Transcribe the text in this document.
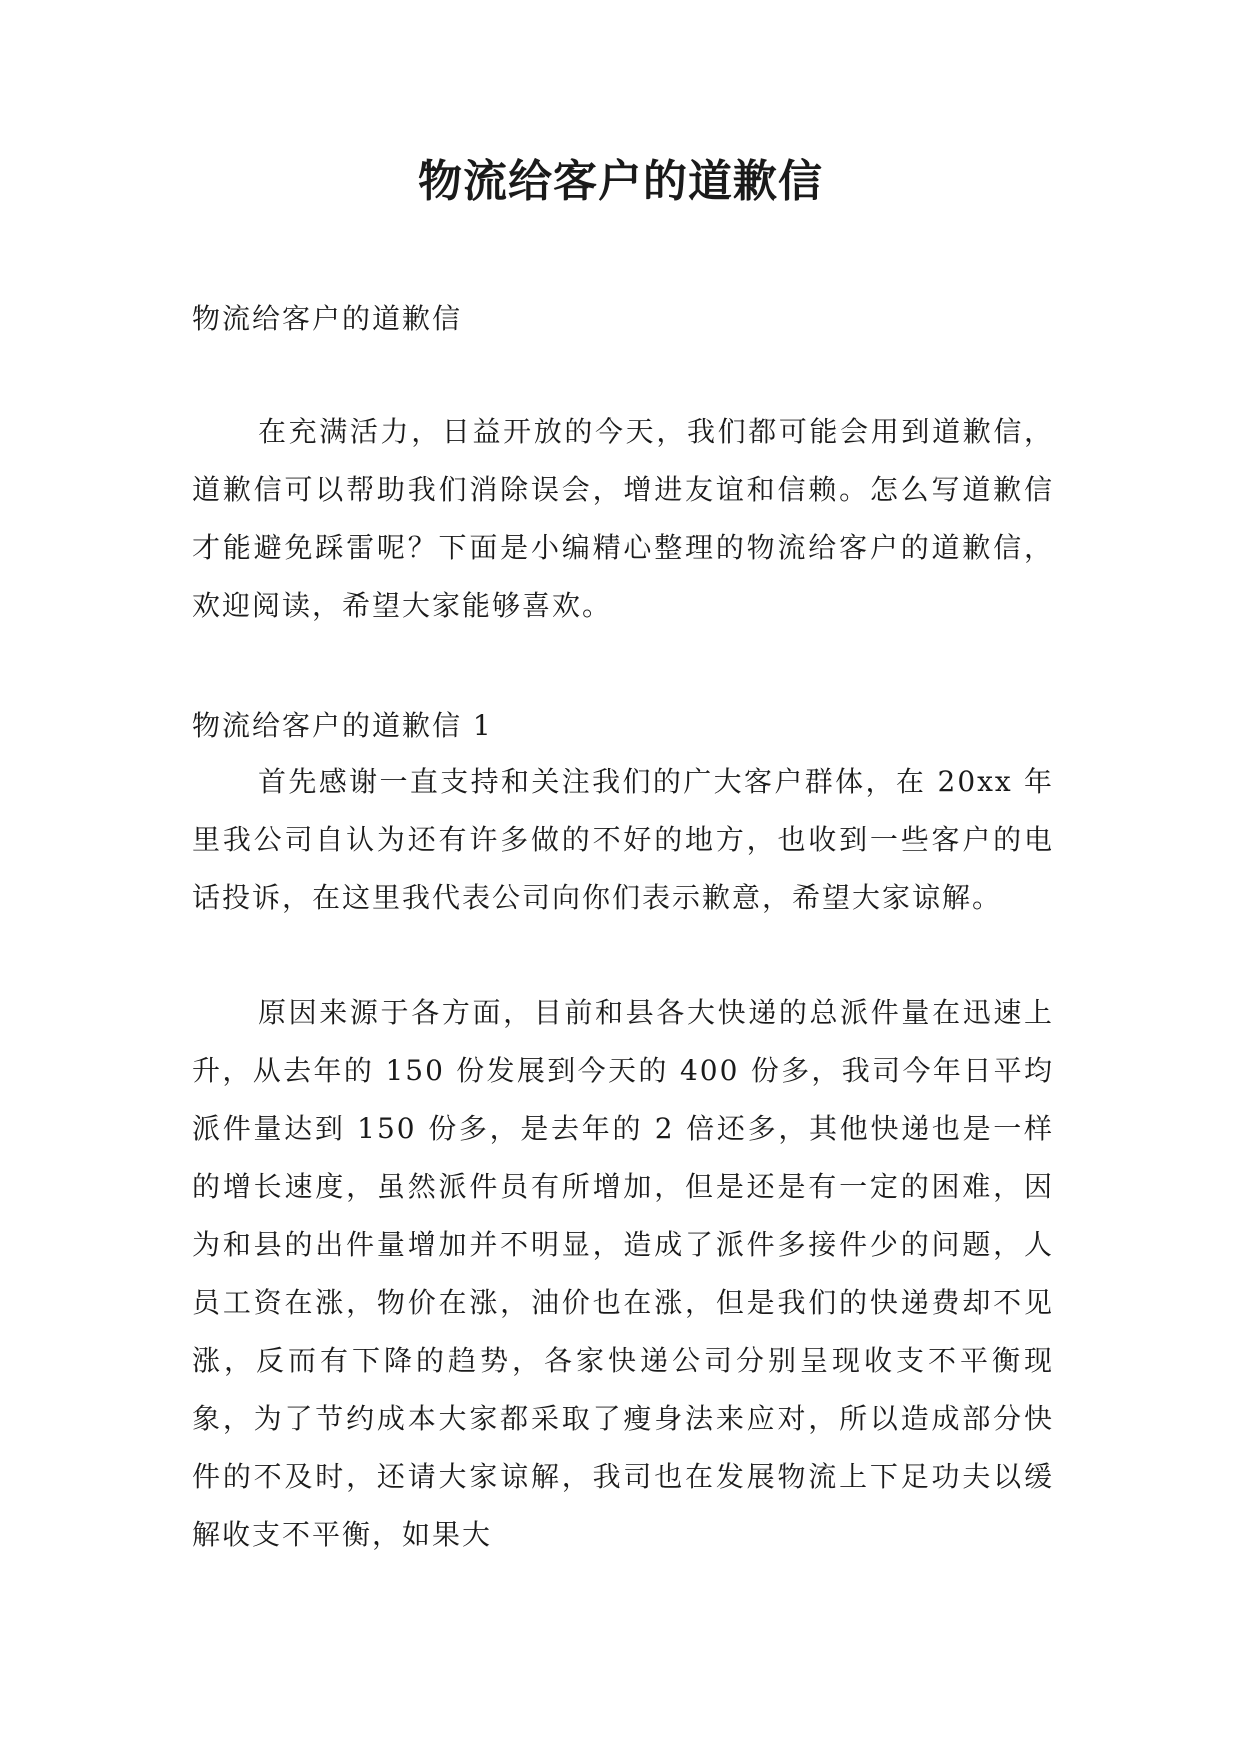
物流给客户的道歉信

物流给客户的道歉信

在充满活力，日益开放的今天，我们都可能会用到道歉信，道歉信可以帮助我们消除误会，增进友谊和信赖。怎么写道歉信才能避免踩雷呢？下面是小编精心整理的物流给客户的道歉信，欢迎阅读，希望大家能够喜欢。

物流给客户的道歉信 1

首先感谢一直支持和关注我们的广大客户群体，在 20xx 年里我公司自认为还有许多做的不好的地方，也收到一些客户的电话投诉，在这里我代表公司向你们表示歉意，希望大家谅解。

原因来源于各方面，目前和县各大快递的总派件量在迅速上升，从去年的 150 份发展到今天的 400 份多，我司今年日平均派件量达到 150 份多，是去年的 2 倍还多，其他快递也是一样的增长速度，虽然派件员有所增加，但是还是有一定的困难，因为和县的出件量增加并不明显，造成了派件多接件少的问题，人员工资在涨，物价在涨，油价也在涨，但是我们的快递费却不见涨，反而有下降的趋势，各家快递公司分别呈现收支不平衡现象，为了节约成本大家都采取了瘦身法来应对，所以造成部分快件的不及时，还请大家谅解，我司也在发展物流上下足功夫以缓解收支不平衡，如果大
